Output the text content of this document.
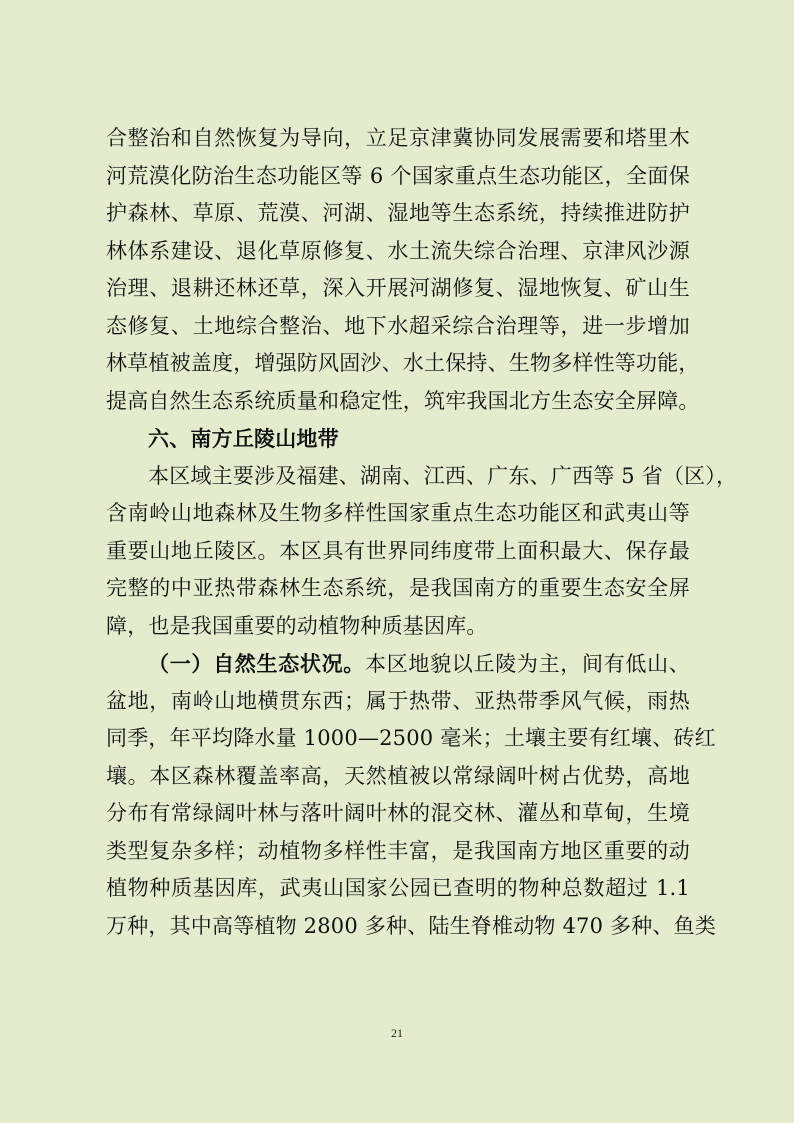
合整治和自然恢复为导向，立足京津冀协同发展需要和塔里木
河荒漠化防治生态功能区等 6 个国家重点生态功能区，全面保
护森林、草原、荒漠、河湖、湿地等生态系统，持续推进防护
林体系建设、退化草原修复、水土流失综合治理、京津风沙源
治理、退耕还林还草，深入开展河湖修复、湿地恢复、矿山生
态修复、土地综合整治、地下水超采综合治理等，进一步增加
林草植被盖度，增强防风固沙、水土保持、生物多样性等功能，
提高自然生态系统质量和稳定性，筑牢我国北方生态安全屏障。
六、南方丘陵山地带
本区域主要涉及福建、湖南、江西、广东、广西等 5 省（区），
含南岭山地森林及生物多样性国家重点生态功能区和武夷山等
重要山地丘陵区。本区具有世界同纬度带上面积最大、保存最
完整的中亚热带森林生态系统，是我国南方的重要生态安全屏
障，也是我国重要的动植物种质基因库。
（一）自然生态状况。本区地貌以丘陵为主，间有低山、
盆地，南岭山地横贯东西；属于热带、亚热带季风气候，雨热
同季，年平均降水量 1000—2500 毫米；土壤主要有红壤、砖红
壤。本区森林覆盖率高，天然植被以常绿阔叶树占优势，高地
分布有常绿阔叶林与落叶阔叶林的混交林、灌丛和草甸，生境
类型复杂多样；动植物多样性丰富，是我国南方地区重要的动
植物种质基因库，武夷山国家公园已查明的物种总数超过 1.1
万种，其中高等植物 2800 多种、陆生脊椎动物 470 多种、鱼类
21
